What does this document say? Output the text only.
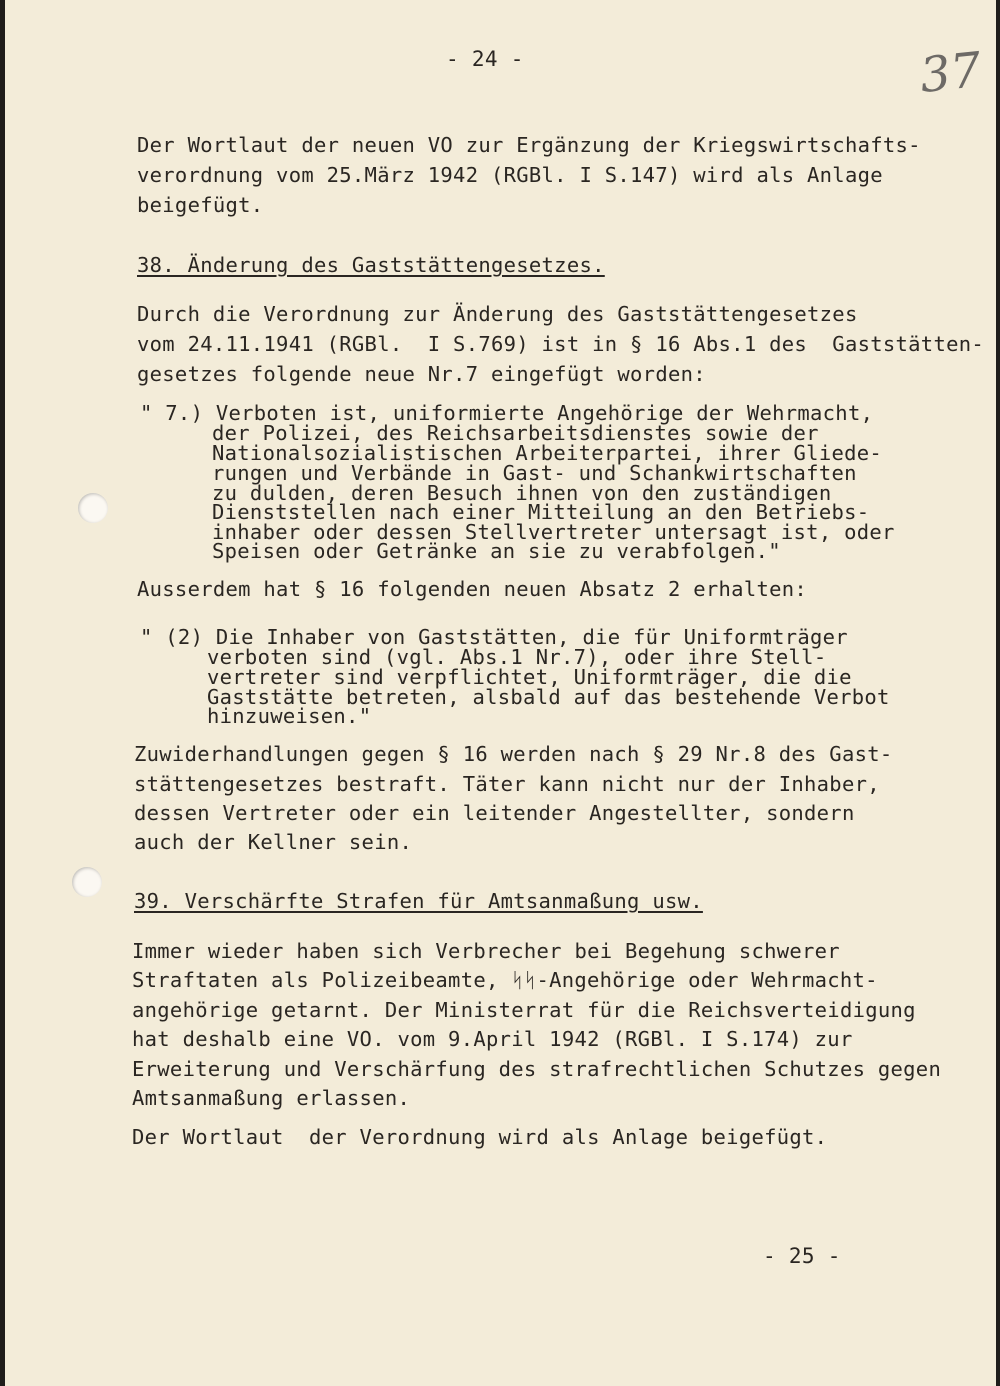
- 24 -	37
Der Wortlaut der neuen VO zur Ergänzung der Kriegswirtschafts-
verordnung vom 25.März 1942 (RGBl. I S.147) wird als Anlage
beigefügt.
38. Änderung des Gaststättengesetzes.
Durch die Verordnung zur Änderung des Gaststättengesetzes
vom 24.11.1941 (RGBl.  I S.769) ist in § 16 Abs.1 des  Gaststätten-
gesetzes folgende neue Nr.7 eingefügt worden:
" 7.) Verboten ist, uniformierte Angehörige der Wehrmacht,
der Polizei, des Reichsarbeitsdienstes sowie der
Nationalsozialistischen Arbeiterpartei, ihrer Gliede-
rungen und Verbände in Gast- und Schankwirtschaften
zu dulden, deren Besuch ihnen von den zuständigen
Dienststellen nach einer Mitteilung an den Betriebs-
inhaber oder dessen Stellvertreter untersagt ist, oder
Speisen oder Getränke an sie zu verabfolgen."
Ausserdem hat § 16 folgenden neuen Absatz 2 erhalten:
" (2) Die Inhaber von Gaststätten, die für Uniformträger
verboten sind (vgl. Abs.1 Nr.7), oder ihre Stell-
vertreter sind verpflichtet, Uniformträger, die die
Gaststätte betreten, alsbald auf das bestehende Verbot
hinzuweisen."
Zuwiderhandlungen gegen § 16 werden nach § 29 Nr.8 des Gast-
stättengesetzes bestraft. Täter kann nicht nur der Inhaber,
dessen Vertreter oder ein leitender Angestellter, sondern
auch der Kellner sein.
39. Verschärfte Strafen für Amtsanmaßung usw.
Immer wieder haben sich Verbrecher bei Begehung schwerer
Straftaten als Polizeibeamte, ᛋᛋ-Angehörige oder Wehrmacht-
angehörige getarnt. Der Ministerrat für die Reichsverteidigung
hat deshalb eine VO. vom 9.April 1942 (RGBl. I S.174) zur
Erweiterung und Verschärfung des strafrechtlichen Schutzes gegen
Amtsanmaßung erlassen.
Der Wortlaut  der Verordnung wird als Anlage beigefügt.
- 25 -
